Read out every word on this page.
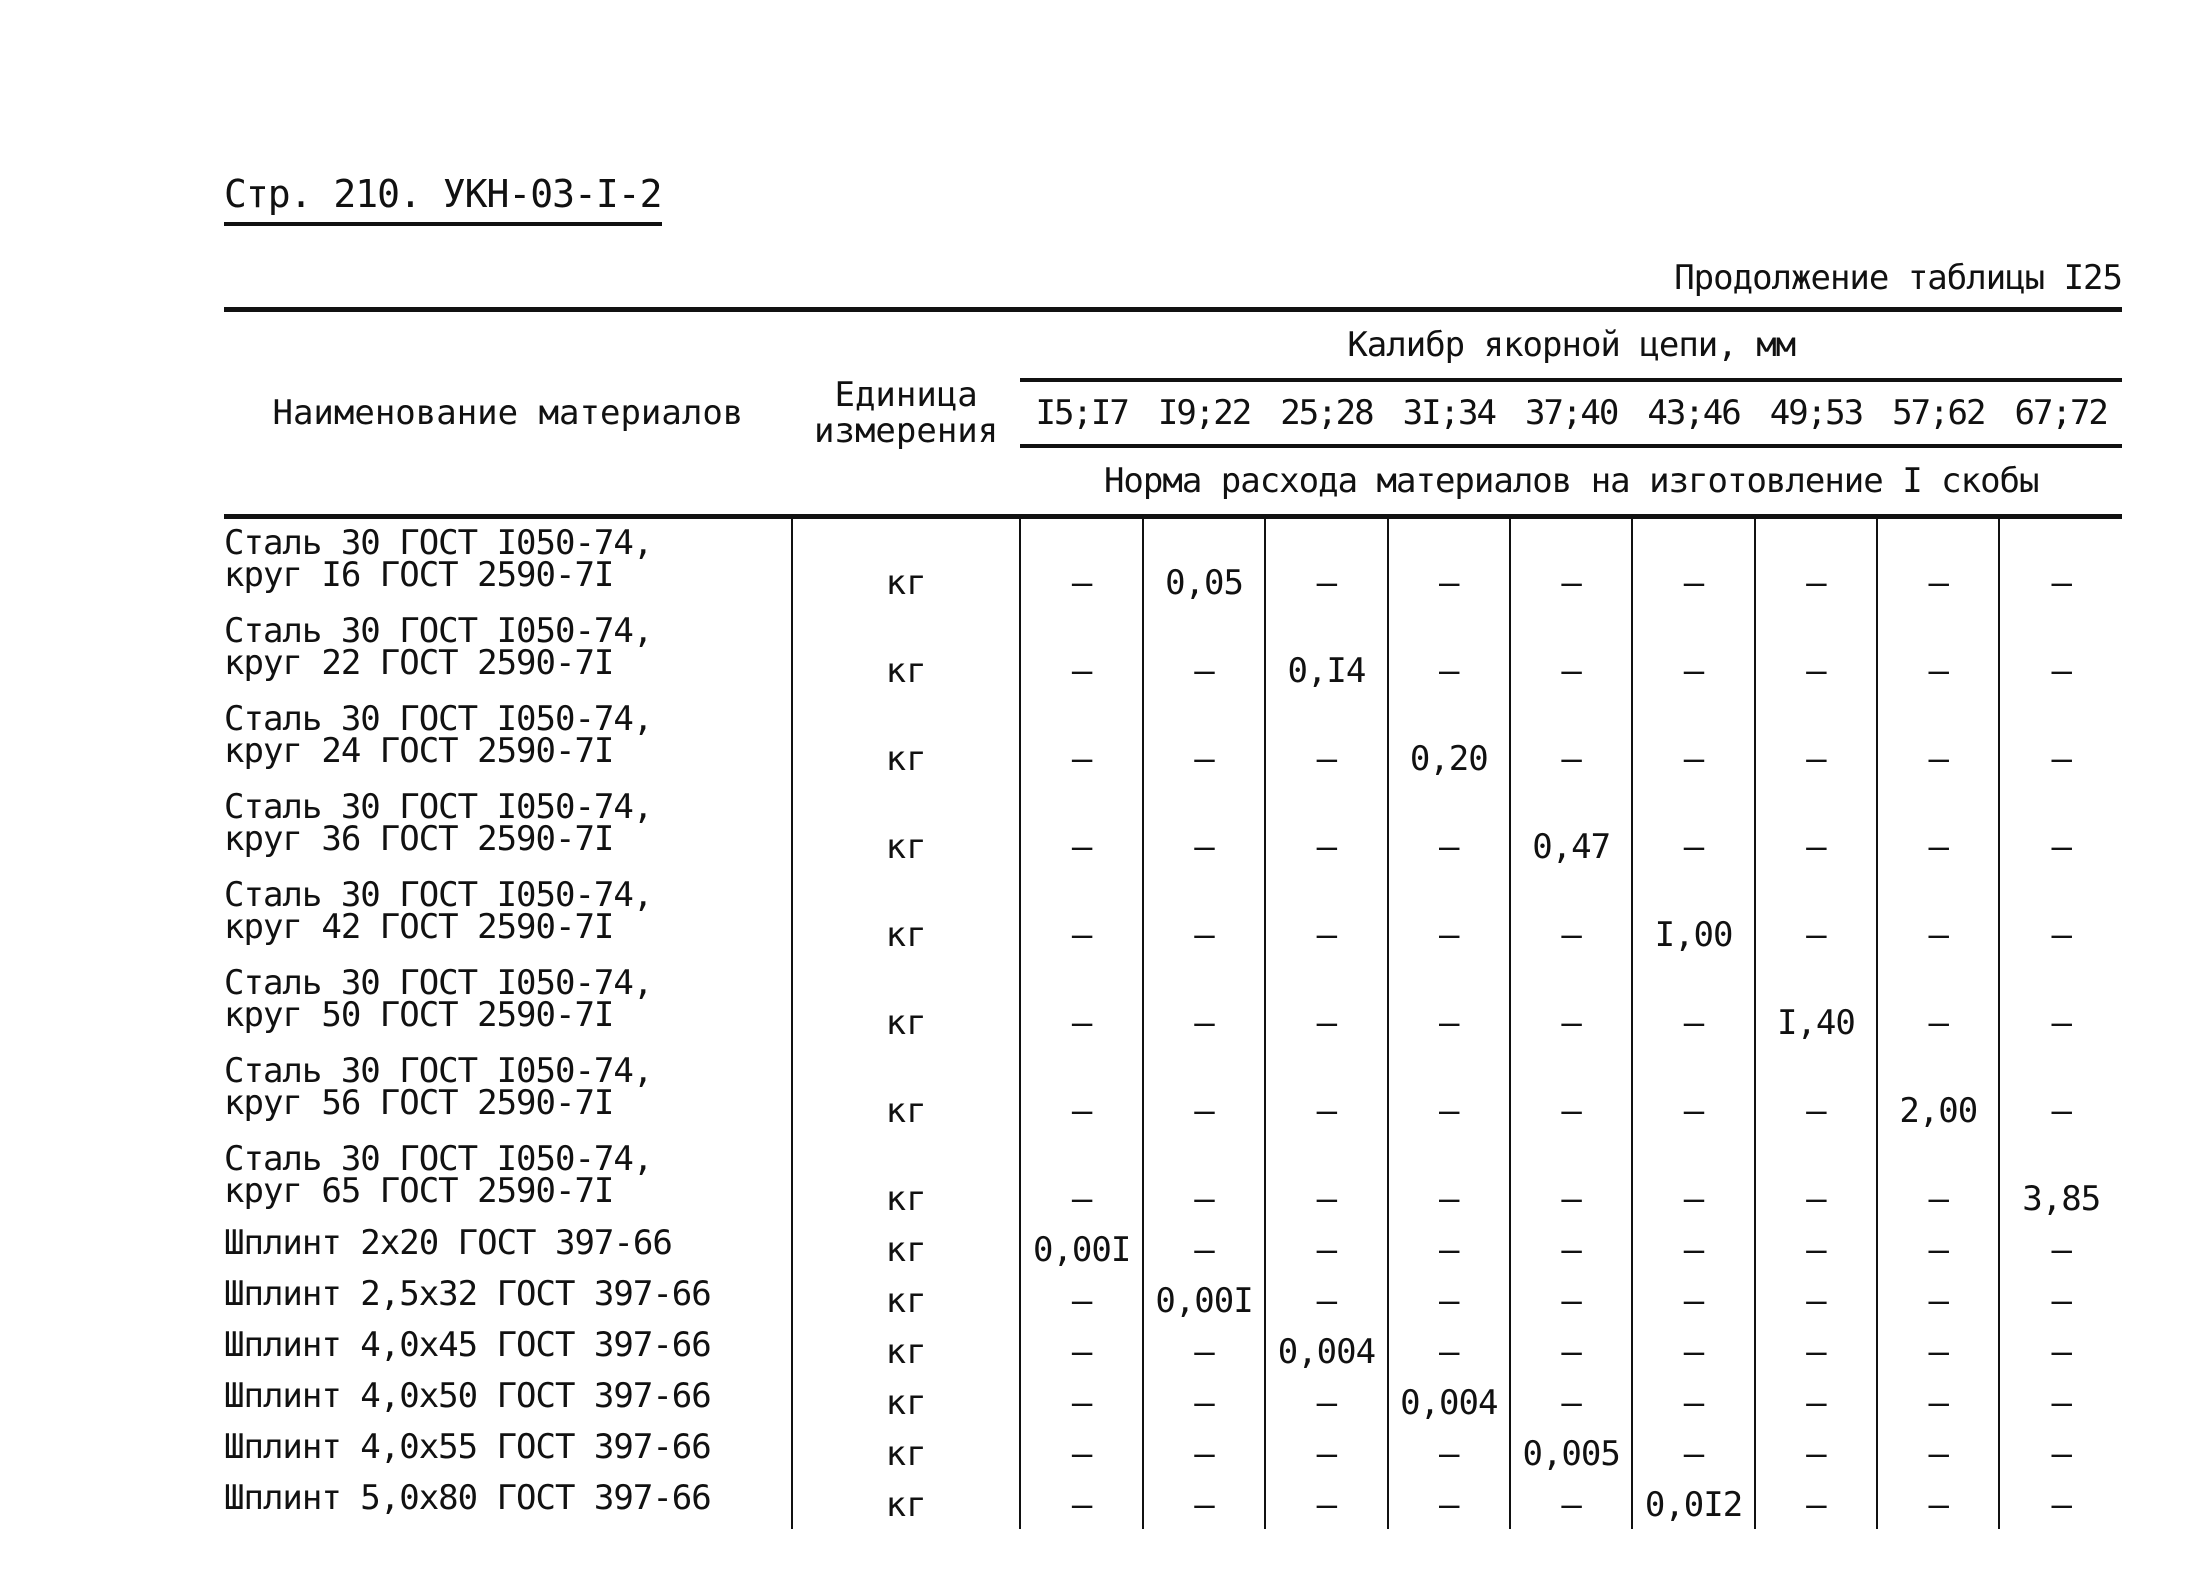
Стр. 210. УКН-03-I-2
Продолжение таблицы I25
Наименование материалов	Единица измерения	Калибр якорной цепи, мм								
		I5;I7	I9;22	25;28	3I;34	37;40	43;46	49;53	57;62	67;72
		Норма расхода материалов на изготовление I скобы								

Сталь 30 ГОСТ I050-74,
круг I6 ГОСТ 2590-7I	кг	–	0,05	–	–	–	–	–	–	–

Сталь 30 ГОСТ I050-74,
круг 22 ГОСТ 2590-7I	кг	–	–	0,I4	–	–	–	–	–	–

Сталь 30 ГОСТ I050-74,
круг 24 ГОСТ 2590-7I	кг	–	–	–	0,20	–	–	–	–	–

Сталь 30 ГОСТ I050-74,
круг 36 ГОСТ 2590-7I	кг	–	–	–	–	0,47	–	–	–	–

Сталь 30 ГОСТ I050-74,
круг 42 ГОСТ 2590-7I	кг	–	–	–	–	–	I,00	–	–	–

Сталь 30 ГОСТ I050-74,
круг 50 ГОСТ 2590-7I	кг	–	–	–	–	–	–	I,40	–	–

Сталь 30 ГОСТ I050-74,
круг 56 ГОСТ 2590-7I	кг	–	–	–	–	–	–	–	2,00	–

Сталь 30 ГОСТ I050-74,
круг 65 ГОСТ 2590-7I	кг	–	–	–	–	–	–	–	–	3,85

Шплинт 2х20 ГОСТ 397-66	кг	0,00I	–	–	–	–	–	–	–	–

Шплинт 2,5х32 ГОСТ 397-66	кг	–	0,00I	–	–	–	–	–	–	–

Шплинт 4,0х45 ГОСТ 397-66	кг	–	–	0,004	–	–	–	–	–	–

Шплинт 4,0х50 ГОСТ 397-66	кг	–	–	–	0,004	–	–	–	–	–

Шплинт 4,0х55 ГОСТ 397-66	кг	–	–	–	–	0,005	–	–	–	–

Шплинт 5,0х80 ГОСТ 397-66	кг	–	–	–	–	–	0,0I2	–	–	–
